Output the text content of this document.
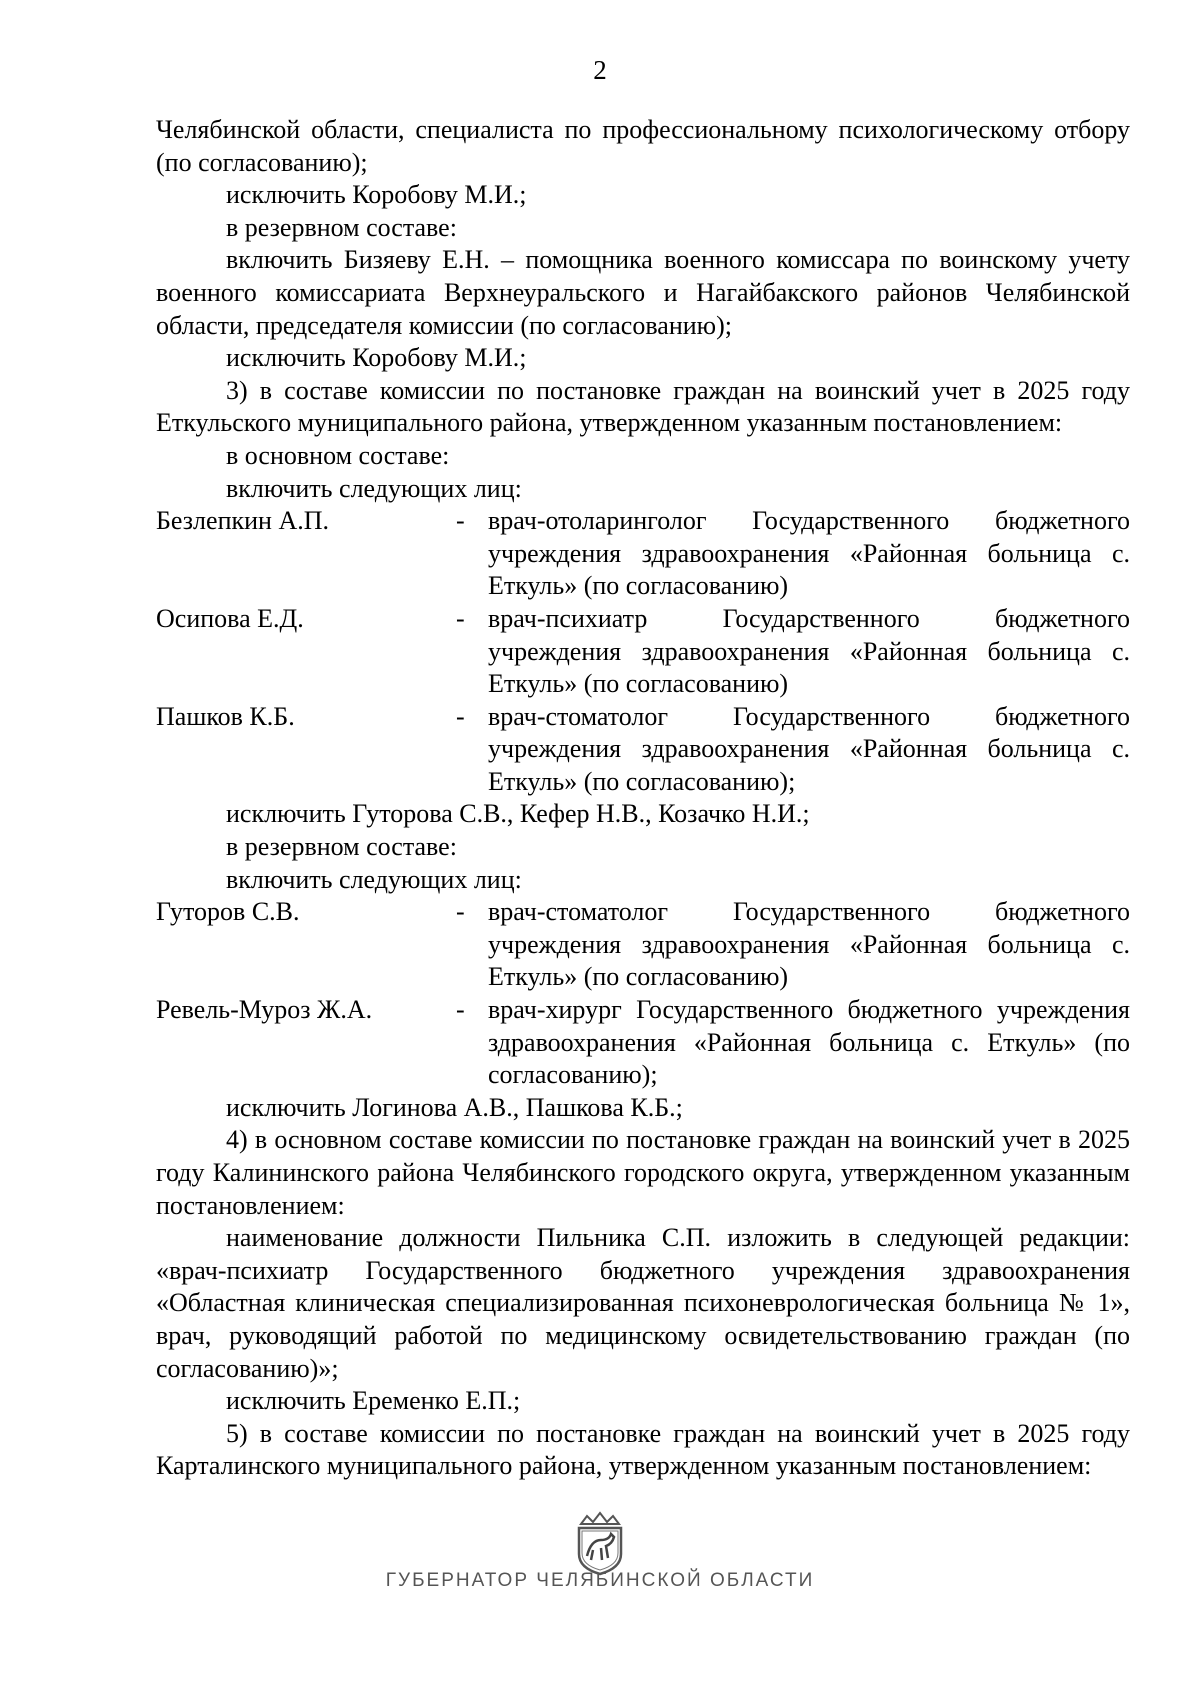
2

Челябинской области, специалиста по профессиональному психологическому отбору (по согласованию);

исключить Коробову М.И.;

в резервном составе:

включить Бизяеву Е.Н. – помощника военного комиссара по воинскому учету военного комиссариата Верхнеуральского и Нагайбакского районов Челябинской области, председателя комиссии (по согласованию);

исключить Коробову М.И.;

3) в составе комиссии по постановке граждан на воинский учет в 2025 году Еткульского муниципального района, утвержденном указанным постановлением:

в основном составе:

включить следующих лиц:

Безлепкин А.П.	- врач-отоларинголог Государственного бюджетного учреждения здравоохранения «Районная больница с. Еткуль» (по согласованию)
Осипова Е.Д.	- врач-психиатр Государственного бюджетного учреждения здравоохранения «Районная больница с. Еткуль» (по согласованию)
Пашков К.Б.	- врач-стоматолог Государственного бюджетного учреждения здравоохранения «Районная больница с. Еткуль» (по согласованию);

исключить Гуторова С.В., Кефер Н.В., Козачко Н.И.;

в резервном составе:

включить следующих лиц:

Гуторов С.В.	- врач-стоматолог Государственного бюджетного учреждения здравоохранения «Районная больница с. Еткуль» (по согласованию)
Ревель-Муроз Ж.А.	- врач-хирург Государственного бюджетного учреждения здравоохранения «Районная больница с. Еткуль» (по согласованию);

исключить Логинова А.В., Пашкова К.Б.;

4) в основном составе комиссии по постановке граждан на воинский учет в 2025 году Калининского района Челябинского городского округа, утвержденном указанным постановлением:

наименование должности Пильника С.П. изложить в следующей редакции: «врач-психиатр Государственного бюджетного учреждения здравоохранения «Областная клиническая специализированная психоневрологическая больница № 1», врач, руководящий работой по медицинскому освидетельствованию граждан (по согласованию)»;

исключить Еременко Е.П.;

5) в составе комиссии по постановке граждан на воинский учет в 2025 году Карталинского муниципального района, утвержденном указанным постановлением:

ГУБЕРНАТОР ЧЕЛЯБИНСКОЙ ОБЛАСТИ
